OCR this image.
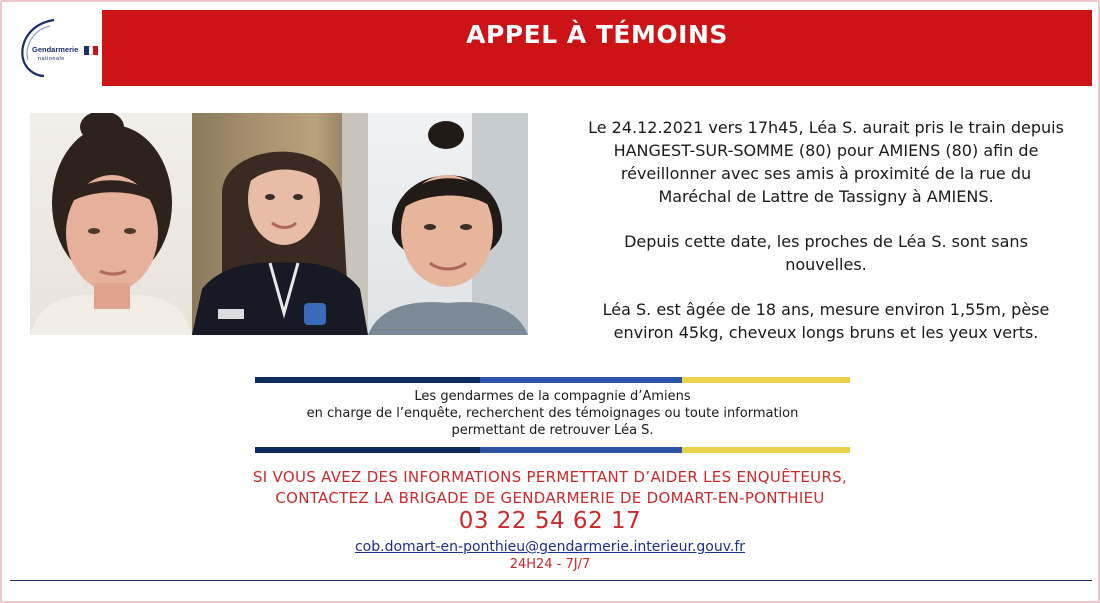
Gendarmerie
nationale
APPEL À TÉMOINS

Le 24.12.2021 vers 17h45, Léa S. aurait pris le train depuis
HANGEST-SUR-SOMME (80) pour AMIENS (80) afin de
réveillonner avec ses amis à proximité de la rue du
Maréchal de Lattre de Tassigny à AMIENS.

Depuis cette date, les proches de Léa S. sont sans
nouvelles.

Léa S. est âgée de 18 ans, mesure environ 1,55m, pèse
environ 45kg, cheveux longs bruns et les yeux verts.

Les gendarmes de la compagnie d’Amiens
en charge de l’enquête, recherchent des témoignages ou toute information
permettant de retrouver Léa S.
SI VOUS AVEZ DES INFORMATIONS PERMETTANT D’AIDER LES ENQUÊTEURS,
CONTACTEZ LA BRIGADE DE GENDARMERIE DE DOMART-EN-PONTHIEU
03 22 54 62 17
cob.domart-en-ponthieu@gendarmerie.interieur.gouv.fr
24H24 - 7J/7
